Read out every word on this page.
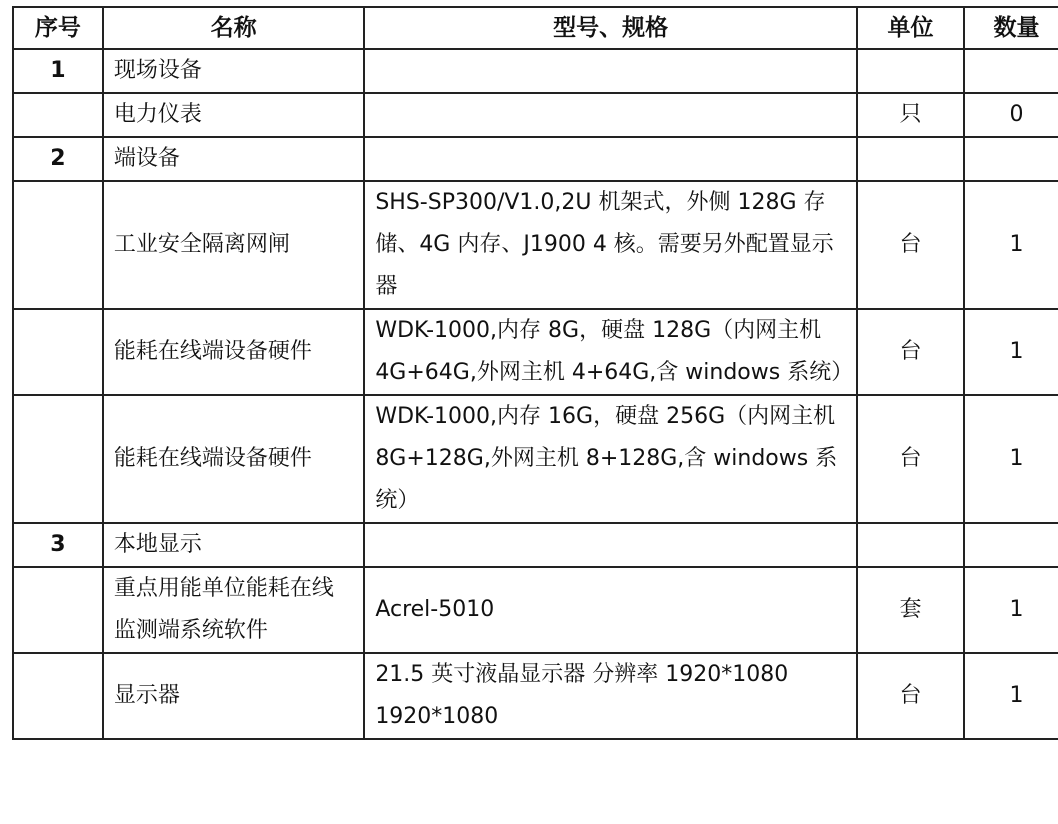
序号	名称	型号、规格	单位	数量
1	现场设备			
	电力仪表		只	0
2	端设备			
	工业安全隔离网闸	SHS-SP300/V1.0,2U 机架式，外侧 128G 存储、4G 内存、J1900 4 核。需要另外配置显示器	台	1
	能耗在线端设备硬件	WDK-1000,内存 8G，硬盘 128G（内网主机 4G+64G,外网主机 4+64G,含 windows 系统）	台	1
	能耗在线端设备硬件	WDK-1000,内存 16G，硬盘 256G（内网主机 8G+128G,外网主机 8+128G,含 windows 系统）	台	1
3	本地显示			
	重点用能单位能耗在线监测端系统软件	Acrel-5010	套	1
	显示器	21.5 英寸液晶显示器 分辨率 1920*1080 1920*1080	台	1
